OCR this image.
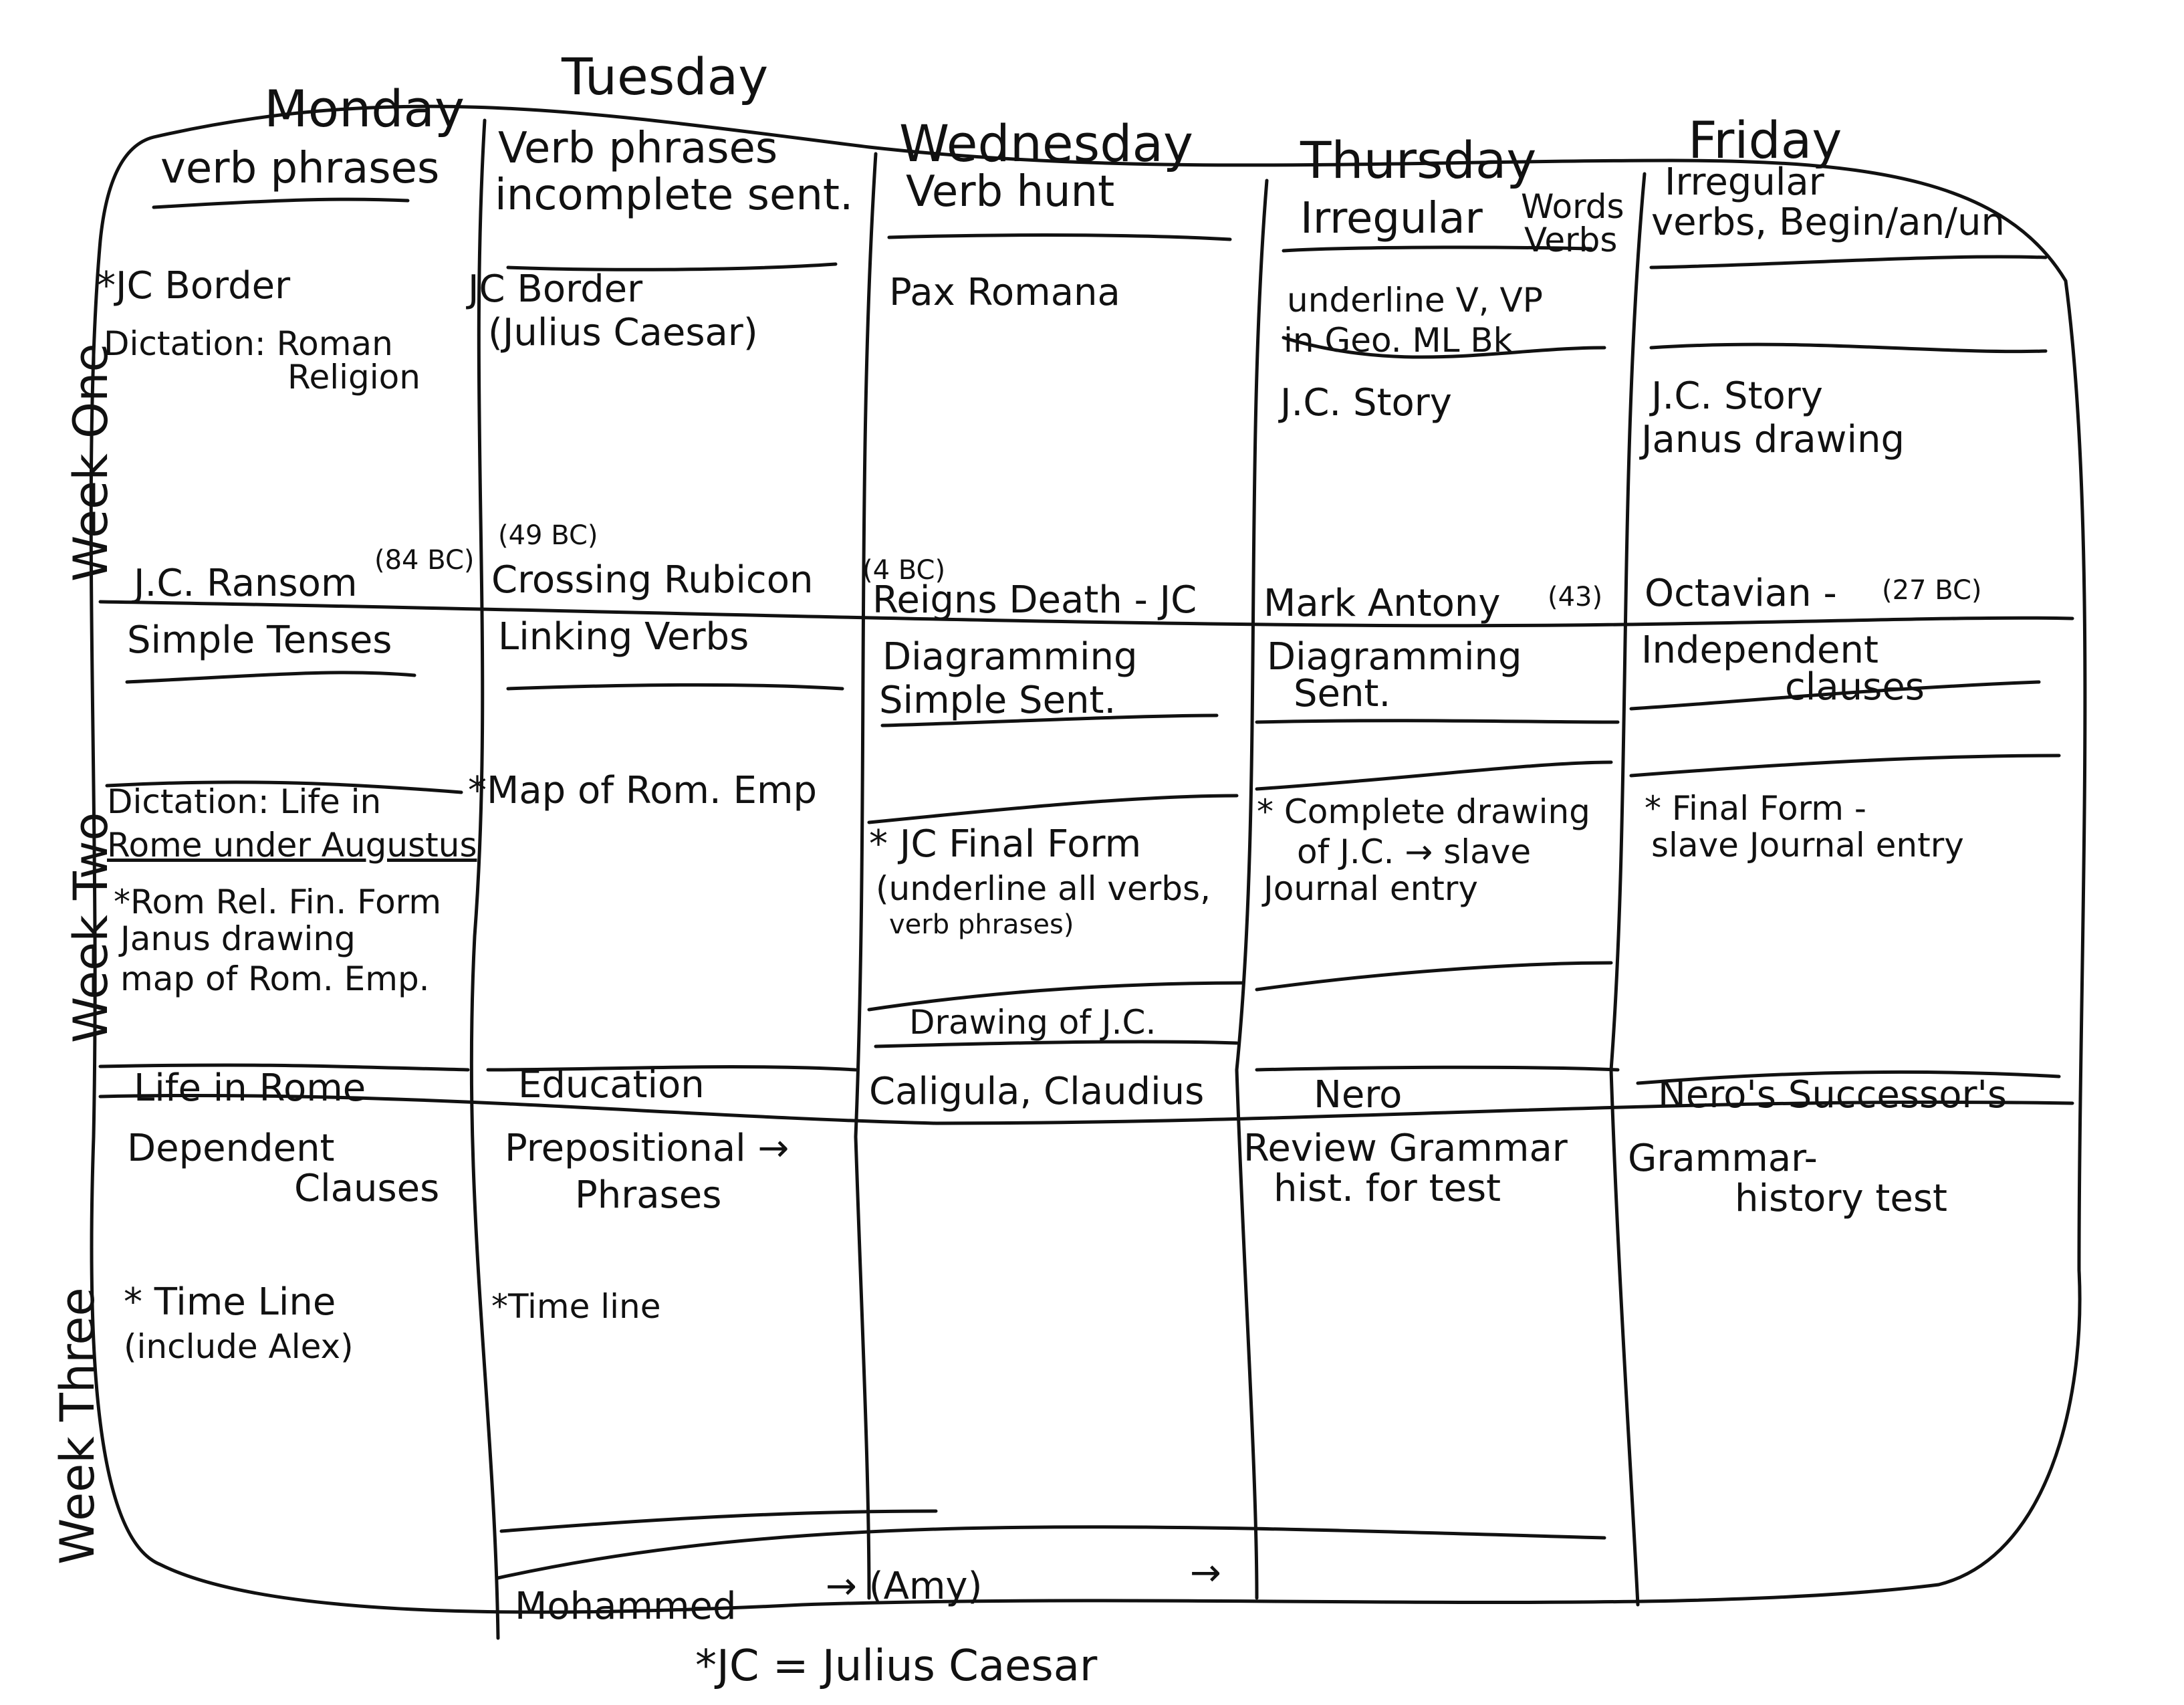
Monday
Tuesday
Wednesday Thursday	Friday
Week One
Week Two
Week Three
verb phrases
*JC Border
Dictation: Roman
Religion
J.C. Ransom
(84 BC)
Verb phrases
incomplete sent.
JC Border
(Julius Caesar)
(49 BC)
Crossing Rubicon
Verb hunt
Pax Romana
(4 BC)
Reigns Death - JC
Irregular Words
Verbs
underline V, VP
in Geo. ML Bk
J.C. Story
Mark Antony (43)
Irregular
verbs, Begin/an/un
J.C. Story
Janus drawing
Octavian - (27 BC)
Simple Tenses
Dictation: Life in
Rome under Augustus
*Rom Rel. Fin. Form
Janus drawing
map of Rom. Emp.
Life in Rome
Linking Verbs
*Map of Rom. Emp
Education
Diagramming
Simple Sent.
* JC Final Form
(underline all verbs,
verb phrases)
Drawing of J.C.
Caligula, Claudius
Diagramming
Sent.
* Complete drawing
of J.C. → slave
Journal entry
Nero
Independent
clauses
* Final Form -
slave Journal entry
Nero's Successor's
Dependent
Clauses
* Time Line
(include Alex)
Prepositional →
Phrases
*Time line
Mohammed → (Amy)	→
Review Grammar
hist. for test
Grammar-
history test
*JC = Julius Caesar
